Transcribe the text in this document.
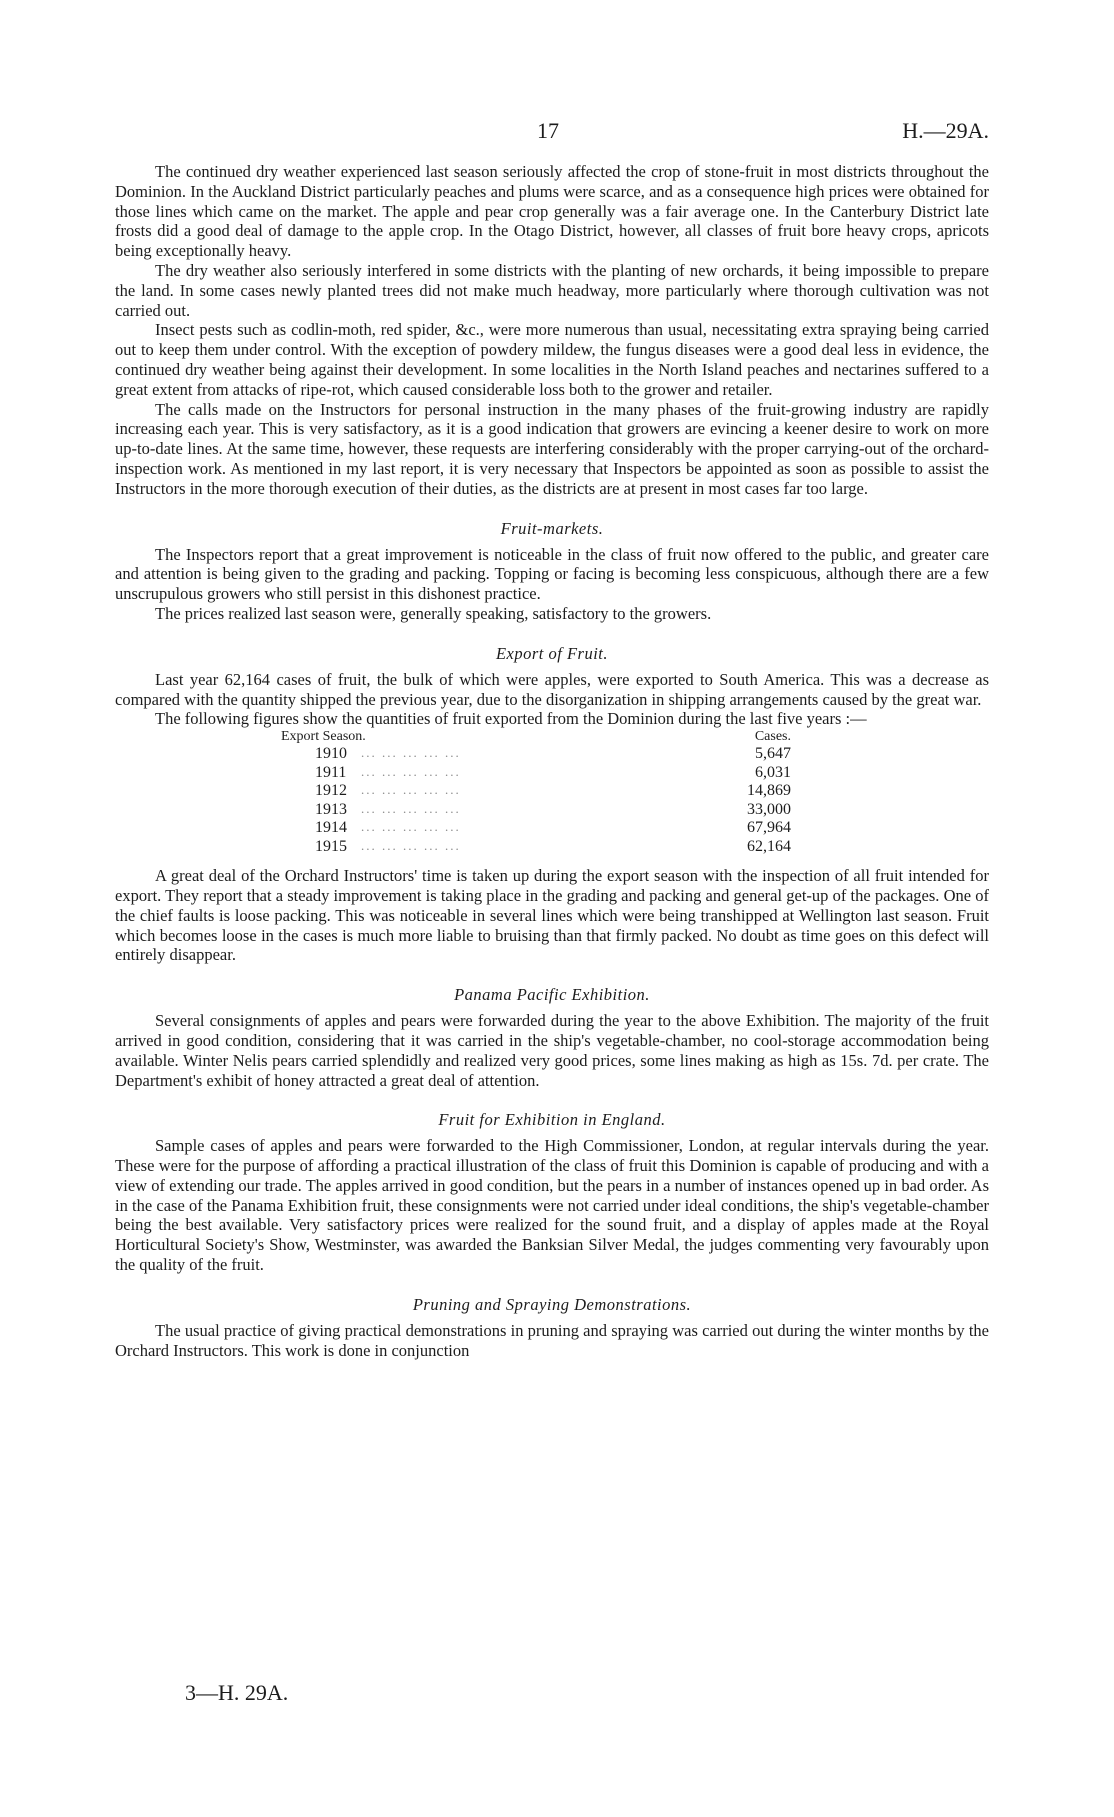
17	H.—29A.

The continued dry weather experienced last season seriously affected the crop of stone-fruit in most districts throughout the Dominion. In the Auckland District particularly peaches and plums were scarce, and as a consequence high prices were obtained for those lines which came on the market. The apple and pear crop generally was a fair average one. In the Canterbury District late frosts did a good deal of damage to the apple crop. In the Otago District, however, all classes of fruit bore heavy crops, apricots being exceptionally heavy.

The dry weather also seriously interfered in some districts with the planting of new orchards, it being impossible to prepare the land. In some cases newly planted trees did not make much headway, more particularly where thorough cultivation was not carried out.

Insect pests such as codlin-moth, red spider, &c., were more numerous than usual, necessitating extra spraying being carried out to keep them under control. With the exception of powdery mildew, the fungus diseases were a good deal less in evidence, the continued dry weather being against their development. In some localities in the North Island peaches and nectarines suffered to a great extent from attacks of ripe-rot, which caused considerable loss both to the grower and retailer.

The calls made on the Instructors for personal instruction in the many phases of the fruit-growing industry are rapidly increasing each year. This is very satisfactory, as it is a good indication that growers are evincing a keener desire to work on more up-to-date lines. At the same time, however, these requests are interfering considerably with the proper carrying-out of the orchard-inspection work. As mentioned in my last report, it is very necessary that Inspectors be appointed as soon as possible to assist the Instructors in the more thorough execution of their duties, as the districts are at present in most cases far too large.

Fruit-markets.

The Inspectors report that a great improvement is noticeable in the class of fruit now offered to the public, and greater care and attention is being given to the grading and packing. Topping or facing is becoming less conspicuous, although there are a few unscrupulous growers who still persist in this dishonest practice.

The prices realized last season were, generally speaking, satisfactory to the growers.

Export of Fruit.

Last year 62,164 cases of fruit, the bulk of which were apples, were exported to South America. This was a decrease as compared with the quantity shipped the previous year, due to the disorganization in shipping arrangements caused by the great war.

The following figures show the quantities of fruit exported from the Dominion during the last five years :—

Export Season.	Cases.
1910	... ... ... ... ...	5,647
1911	... ... ... ... ...	6,031
1912	... ... ... ... ...	14,869
1913	... ... ... ... ...	33,000
1914	... ... ... ... ...	67,964
1915	... ... ... ... ...	62,164

A great deal of the Orchard Instructors' time is taken up during the export season with the inspection of all fruit intended for export. They report that a steady improvement is taking place in the grading and packing and general get-up of the packages. One of the chief faults is loose packing. This was noticeable in several lines which were being transhipped at Wellington last season. Fruit which becomes loose in the cases is much more liable to bruising than that firmly packed. No doubt as time goes on this defect will entirely disappear.

Panama Pacific Exhibition.

Several consignments of apples and pears were forwarded during the year to the above Exhibition. The majority of the fruit arrived in good condition, considering that it was carried in the ship's vegetable-chamber, no cool-storage accommodation being available. Winter Nelis pears carried splendidly and realized very good prices, some lines making as high as 15s. 7d. per crate. The Department's exhibit of honey attracted a great deal of attention.

Fruit for Exhibition in England.

Sample cases of apples and pears were forwarded to the High Commissioner, London, at regular intervals during the year. These were for the purpose of affording a practical illustration of the class of fruit this Dominion is capable of producing and with a view of extending our trade. The apples arrived in good condition, but the pears in a number of instances opened up in bad order. As in the case of the Panama Exhibition fruit, these consignments were not carried under ideal conditions, the ship's vegetable-chamber being the best available. Very satisfactory prices were realized for the sound fruit, and a display of apples made at the Royal Horticultural Society's Show, Westminster, was awarded the Banksian Silver Medal, the judges commenting very favourably upon the quality of the fruit.

Pruning and Spraying Demonstrations.

The usual practice of giving practical demonstrations in pruning and spraying was carried out during the winter months by the Orchard Instructors. This work is done in conjunction

3—H. 29A.
